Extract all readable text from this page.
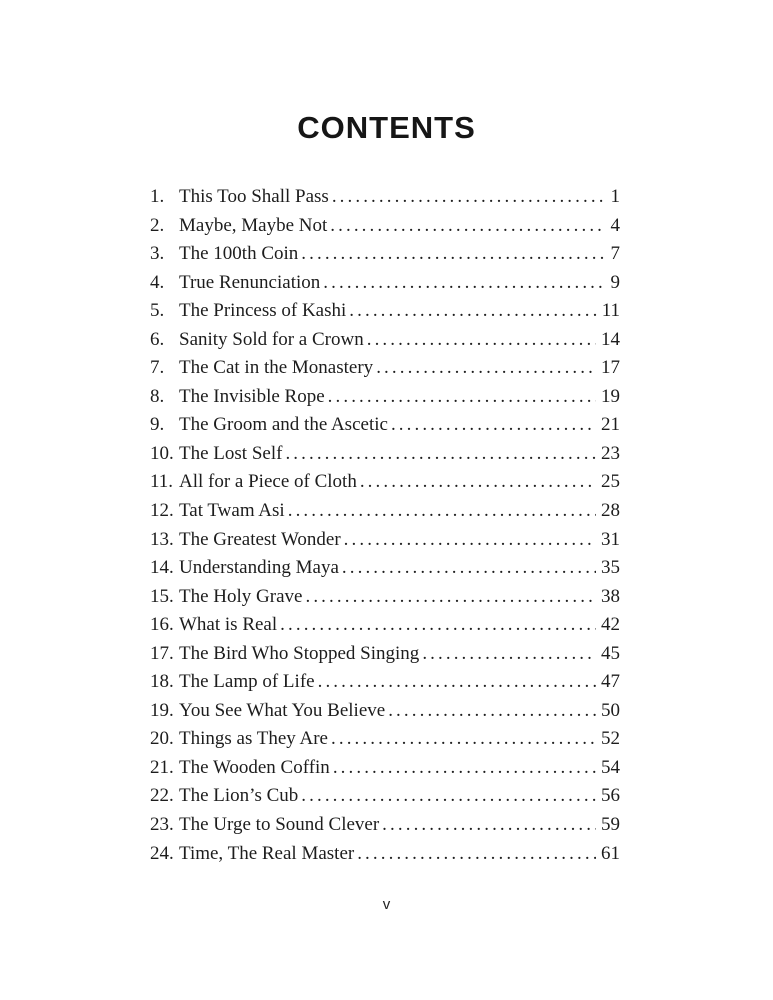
CONTENTS
1. This Too Shall Pass .....	1
2. Maybe, Maybe Not .....	4
3. The 100th Coin .....	7
4. True Renunciation .....	9
5. The Princess of Kashi .....	11
6. Sanity Sold for a Crown .....	14
7. The Cat in the Monastery .....	17
8. The Invisible Rope .....	19
9. The Groom and the Ascetic .....	21
10. The Lost Self .....	23
11. All for a Piece of Cloth .....	25
12. Tat Twam Asi .....	28
13. The Greatest Wonder .....	31
14. Understanding Maya .....	35
15. The Holy Grave .....	38
16. What is Real .....	42
17. The Bird Who Stopped Singing .....	45
18. The Lamp of Life .....	47
19. You See What You Believe .....	50
20. Things as They Are .....	52
21. The Wooden Coffin .....	54
22. The Lion’s Cub .....	56
23. The Urge to Sound Clever .....	59
24. Time, The Real Master .....	61
v
